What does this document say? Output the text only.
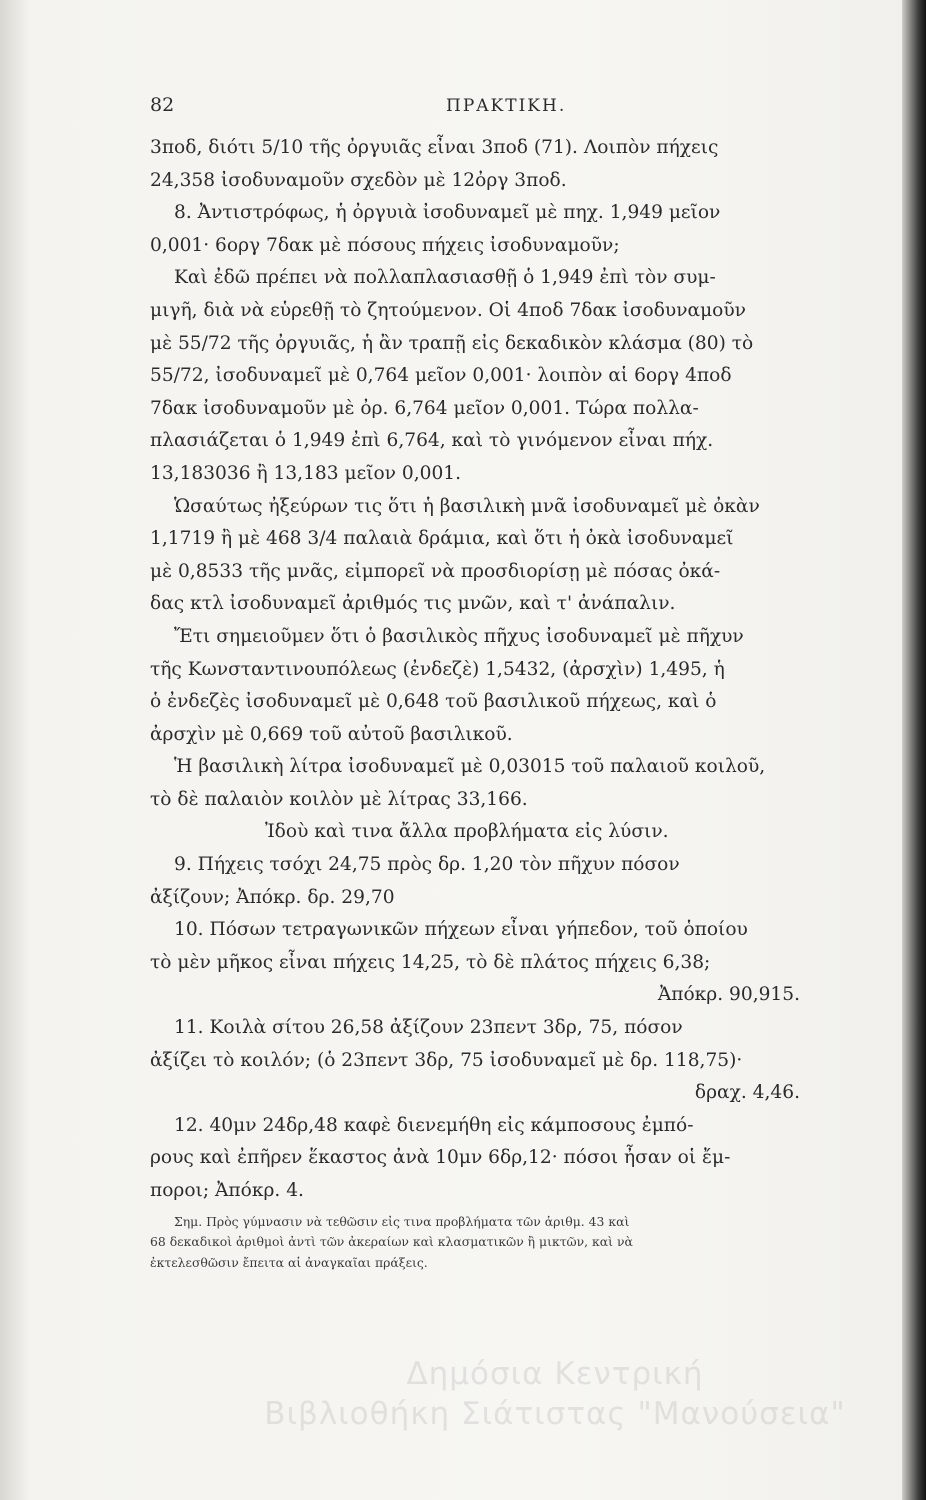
82	ΠΡΑΚΤΙΚΗ.

3ποδ, διότι 5/10 τῆς ὀργυιᾶς εἶναι 3ποδ (71). Λοιπὸν πήχεις

24,358 ἰσοδυναμοῦν σχεδὸν μὲ 12ὀργ 3ποδ.

8. Ἀντιστρόφως, ἡ ὀργυιὰ ἰσοδυναμεῖ μὲ πηχ. 1,949 μεῖον

0,001· 6οργ 7δακ μὲ πόσους πήχεις ἰσοδυναμοῦν;

Καὶ ἐδῶ πρέπει νὰ πολλαπλασιασθῇ ὁ 1,949 ἐπὶ τὸν συμ-

μιγῆ, διὰ νὰ εὑρεθῇ τὸ ζητούμενον. Οἱ 4ποδ 7δακ ἰσοδυναμοῦν

μὲ 55/72 τῆς ὀργυιᾶς, ἡ ἂν τραπῇ εἰς δεκαδικὸν κλάσμα (80) τὸ

55/72, ἰσοδυναμεῖ μὲ 0,764 μεῖον 0,001· λοιπὸν αἱ 6οργ 4ποδ

7δακ ἰσοδυναμοῦν μὲ ὀρ. 6,764 μεῖον 0,001. Τώρα πολλα-

πλασιάζεται ὁ 1,949 ἐπὶ 6,764, καὶ τὸ γινόμενον εἶναι πήχ.

13,183036 ἢ 13,183 μεῖον 0,001.

Ὡσαύτως ἠξεύρων τις ὅτι ἡ βασιλικὴ μνᾶ ἰσοδυναμεῖ μὲ ὀκὰν

1,1719 ἢ μὲ 468 3/4 παλαιὰ δράμια, καὶ ὅτι ἡ ὀκὰ ἰσοδυναμεῖ

μὲ 0,8533 τῆς μνᾶς, εἰμπορεῖ νὰ προσδιορίσῃ μὲ πόσας ὀκά-

δας κτλ ἰσοδυναμεῖ ἀριθμός τις μνῶν, καὶ τ' ἀνάπαλιν.

Ἔτι σημειοῦμεν ὅτι ὁ βασιλικὸς πῆχυς ἰσοδυναμεῖ μὲ πῆχυν

τῆς Κωνσταντινουπόλεως (ἐνδεζὲ) 1,5432, (ἀρσχὶν) 1,495, ἡ

ὁ ἐνδεζὲς ἰσοδυναμεῖ μὲ 0,648 τοῦ βασιλικοῦ πήχεως, καὶ ὁ

ἀρσχὶν μὲ 0,669 τοῦ αὐτοῦ βασιλικοῦ.

Ἡ βασιλικὴ λίτρα ἰσοδυναμεῖ μὲ 0,03015 τοῦ παλαιοῦ κοιλοῦ,

τὸ δὲ παλαιὸν κοιλὸν μὲ λίτρας 33,166.

Ἰδοὺ καὶ τινα ἄλλα προβλήματα εἰς λύσιν.

9. Πήχεις τσόχι 24,75 πρὸς δρ. 1,20 τὸν πῆχυν πόσον

ἀξίζουν; Ἀπόκρ. δρ. 29,70

10. Πόσων τετραγωνικῶν πήχεων εἶναι γήπεδον, τοῦ ὁποίου

τὸ μὲν μῆκος εἶναι πήχεις 14,25, τὸ δὲ πλάτος πήχεις 6,38;

Ἀπόκρ. 90,915.

11. Κοιλὰ σίτου 26,58 ἀξίζουν 23πεντ 3δρ, 75, πόσον

ἀξίζει τὸ κοιλόν; (ὁ 23πεντ 3δρ, 75 ἰσοδυναμεῖ μὲ δρ. 118,75)·

δραχ. 4,46.

12. 40μν 24δρ,48 καφὲ διενεμήθη εἰς κάμποσους ἐμπό-

ρους καὶ ἐπῆρεν ἕκαστος ἀνὰ 10μν 6δρ,12· πόσοι ἦσαν οἱ ἔμ-

ποροι; Ἀπόκρ. 4.

Σημ. Πρὸς γύμνασιν νὰ τεθῶσιν εἰς τινα προβλήματα τῶν ἀριθμ. 43 καὶ
68 δεκαδικοὶ ἀριθμοὶ ἀντὶ τῶν ἀκεραίων καὶ κλασματικῶν ἢ μικτῶν, καὶ νὰ
ἐκτελεσθῶσιν ἔπειτα αἱ ἀναγκαῖαι πράξεις.
Δημόσια Κεντρική
Βιβλιοθήκη Σιάτιστας "Μανούσεια"
